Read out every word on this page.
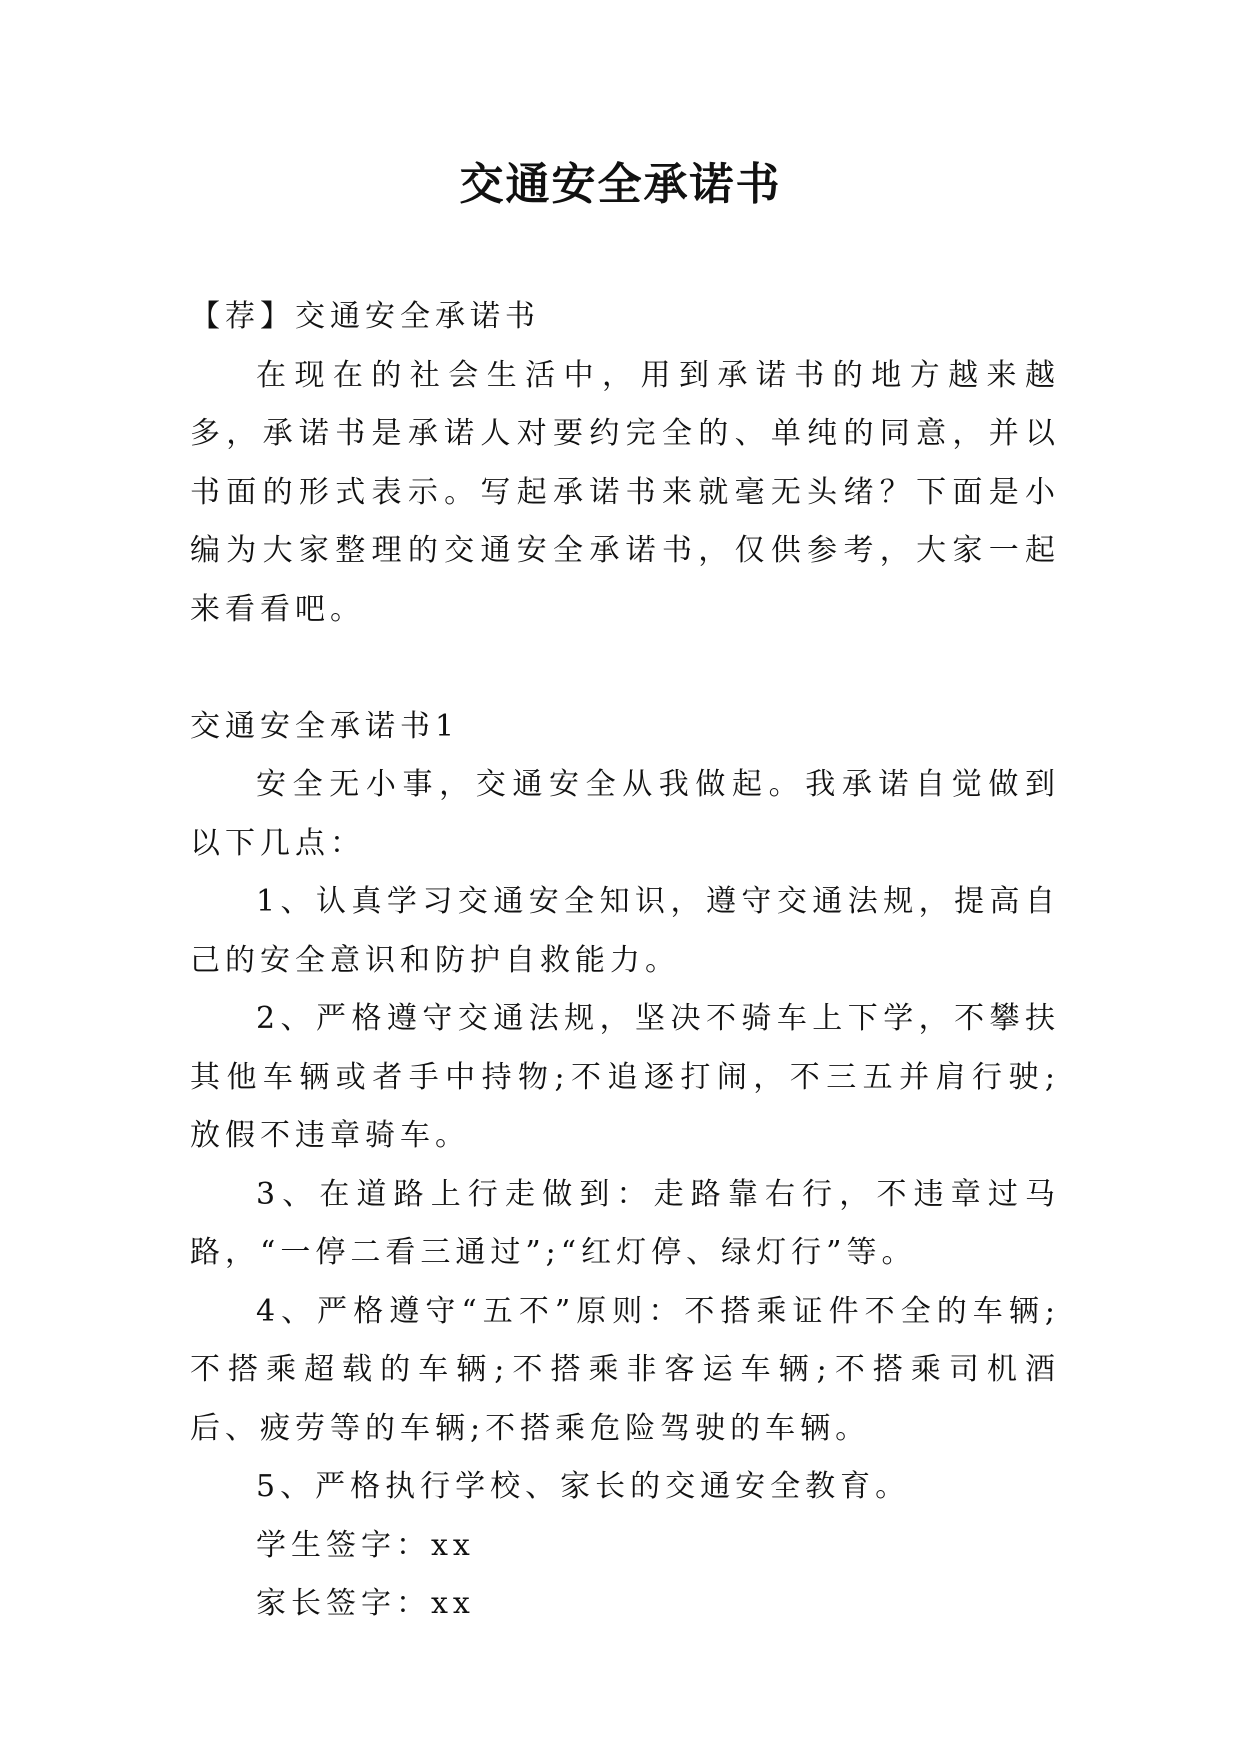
交通安全承诺书

【荐】交通安全承诺书

在现在的社会生活中，用到承诺书的地方越来越多，承诺书是承诺人对要约完全的、单纯的同意，并以书面的形式表示。写起承诺书来就毫无头绪？下面是小编为大家整理的交通安全承诺书，仅供参考，大家一起来看看吧。

交通安全承诺书1

安全无小事，交通安全从我做起。我承诺自觉做到以下几点：

1、认真学习交通安全知识，遵守交通法规，提高自己的安全意识和防护自救能力。

2、严格遵守交通法规，坚决不骑车上下学，不攀扶其他车辆或者手中持物;不追逐打闹，不三五并肩行驶;放假不违章骑车。

3、在道路上行走做到：走路靠右行，不违章过马路，“一停二看三通过”;“红灯停、绿灯行”等。

4、严格遵守“五不”原则：不搭乘证件不全的车辆;不搭乘超载的车辆;不搭乘非客运车辆;不搭乘司机酒后、疲劳等的车辆;不搭乘危险驾驶的车辆。

5、严格执行学校、家长的交通安全教育。

学生签字：xx

家长签字：xx
